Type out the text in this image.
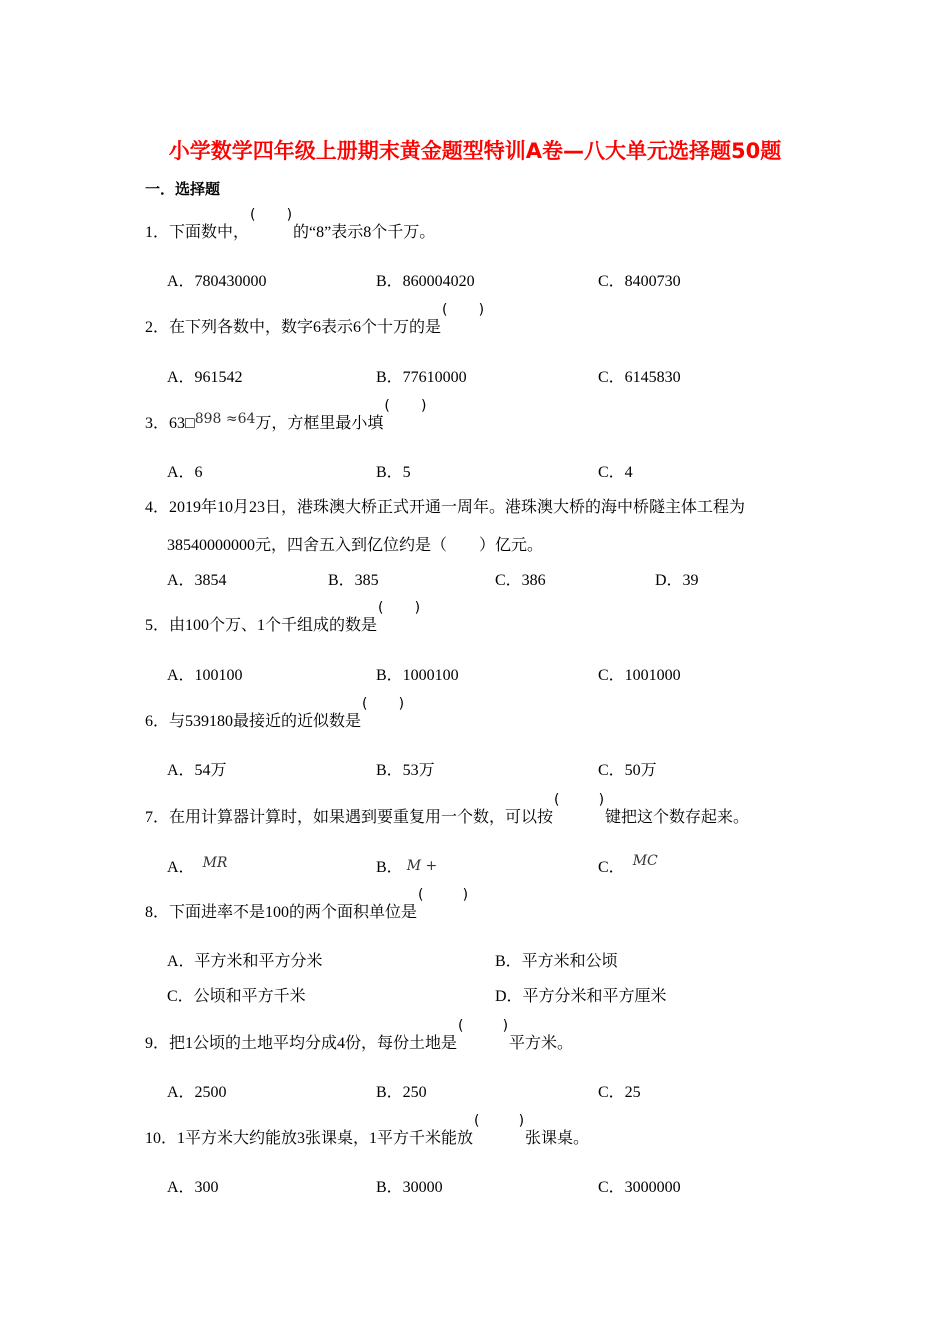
小学数学四年级上册期末黄金题型特训A卷—八大单元选择题50题
一．选择题
1．下面数中， ( )	的“8”表示8个千万。
A．780430000	B．860004020	C．8400730
2．在下列各数中，数字6表示6个十万的是( )
A．961542	B．77610000	C．6145830
3．63□898 ≈64万，方框里最小填( )
A．6	B．5	C．4
4．2019年10月23日，港珠澳大桥正式开通一周年。港珠澳大桥的海中桥隧主体工程为
38540000000元，四舍五入到亿位约是（　　）亿元。
A．3854	B．385	C．386	D．39
5．由100个万、1个千组成的数是( )
A．100100	B．1000100	C．1001000
6．与539180最接近的近似数是( )
A．54万	B．53万	C．50万
7．在用计算器计算时，如果遇到要重复用一个数，可以按 ( )	键把这个数存起来。
A． MR	B． M +	C． MC
8．下面进率不是100的两个面积单位是( )
A．平方米和平方分米	B．平方米和公顷
C．公顷和平方千米	D．平方分米和平方厘米
9．把1公顷的土地平均分成4份，每份土地是 ( )	平方米。
A．2500	B．250	C．25
10．1平方米大约能放3张课桌，1平方千米能放 ( )	张课桌。
A．300	B．30000	C．3000000
